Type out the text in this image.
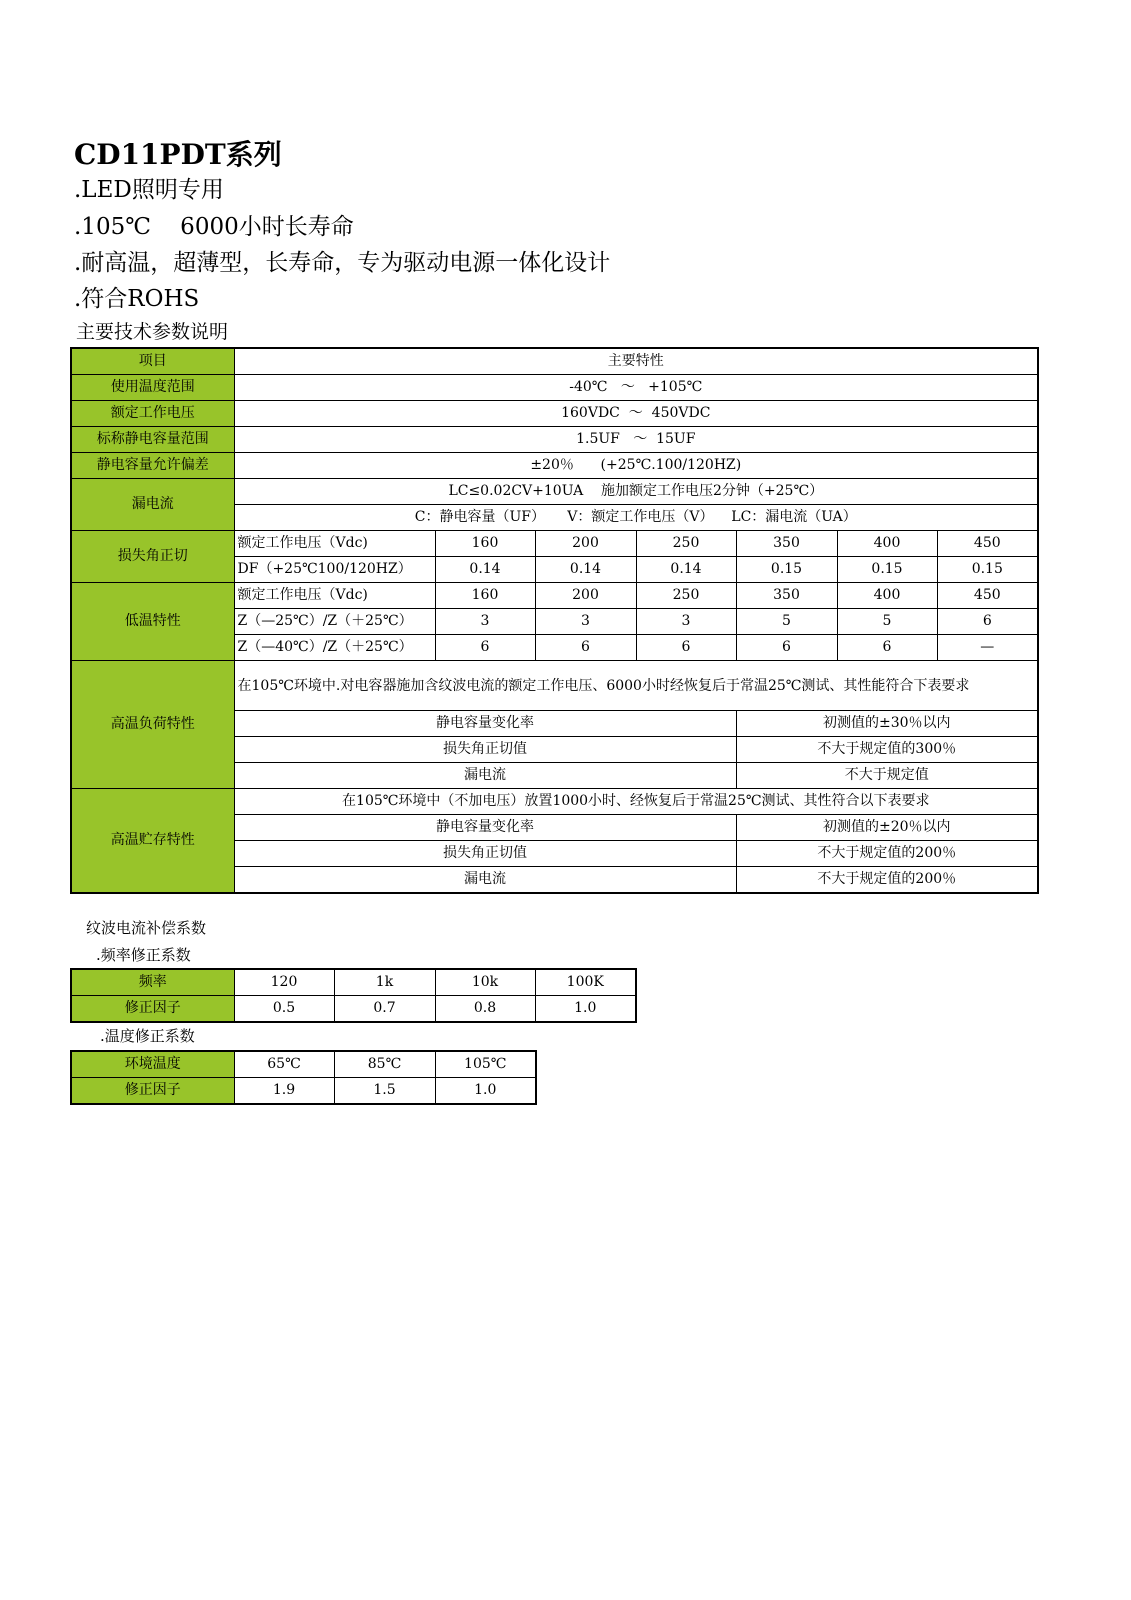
CD11PDT系列
.LED照明专用
.105℃    6000小时长寿命
.耐高温，超薄型，长寿命，专为驱动电源一体化设计
.符合ROHS
主要技术参数说明
项目	主要特性						
使用温度范围	-40℃   ～   +105℃						
额定工作电压	160VDC  ～  450VDC						
标称静电容量范围	1.5UF   ～  15UF						
静电容量允许偏差	±20％      (+25℃.100/120HZ)						
漏电流	LC≤0.02CV+10UA    施加额定工作电压2分钟（+25℃）						
	C：静电容量（UF）     V：额定工作电压（V）    LC：漏电流（UA）						
损失角正切	额定工作电压（Vdc)	160	200	250	350	400	450
	DF（+25℃100/120HZ）	0.14	0.14	0.14	0.15	0.15	0.15
低温特性	额定工作电压（Vdc)	160	200	250	350	400	450
	Z（—25℃）/Z（＋25℃）	3	3	3	5	5	6
	Z（—40℃）/Z（＋25℃）	6	6	6	6	6	—
高温负荷特性	在105℃环境中.对电容器施加含纹波电流的额定工作电压、6000小时经恢复后于常温25℃测试、其性能符合下表要求						
	静电容量变化率				初测值的±30％以内		
	损失角正切值				不大于规定值的300％		
	漏电流				不大于规定值		
高温贮存特性	在105℃环境中（不加电压）放置1000小时、经恢复后于常温25℃测试、其性符合以下表要求						
	静电容量变化率				初测值的±20％以内		
	损失角正切值				不大于规定值的200％		
	漏电流				不大于规定值的200％		
纹波电流补偿系数
.频率修正系数
频率	120	1k	10k	100K
修正因子	0.5	0.7	0.8	1.0
.温度修正系数
环境温度	65℃	85℃	105℃
修正因子	1.9	1.5	1.0
